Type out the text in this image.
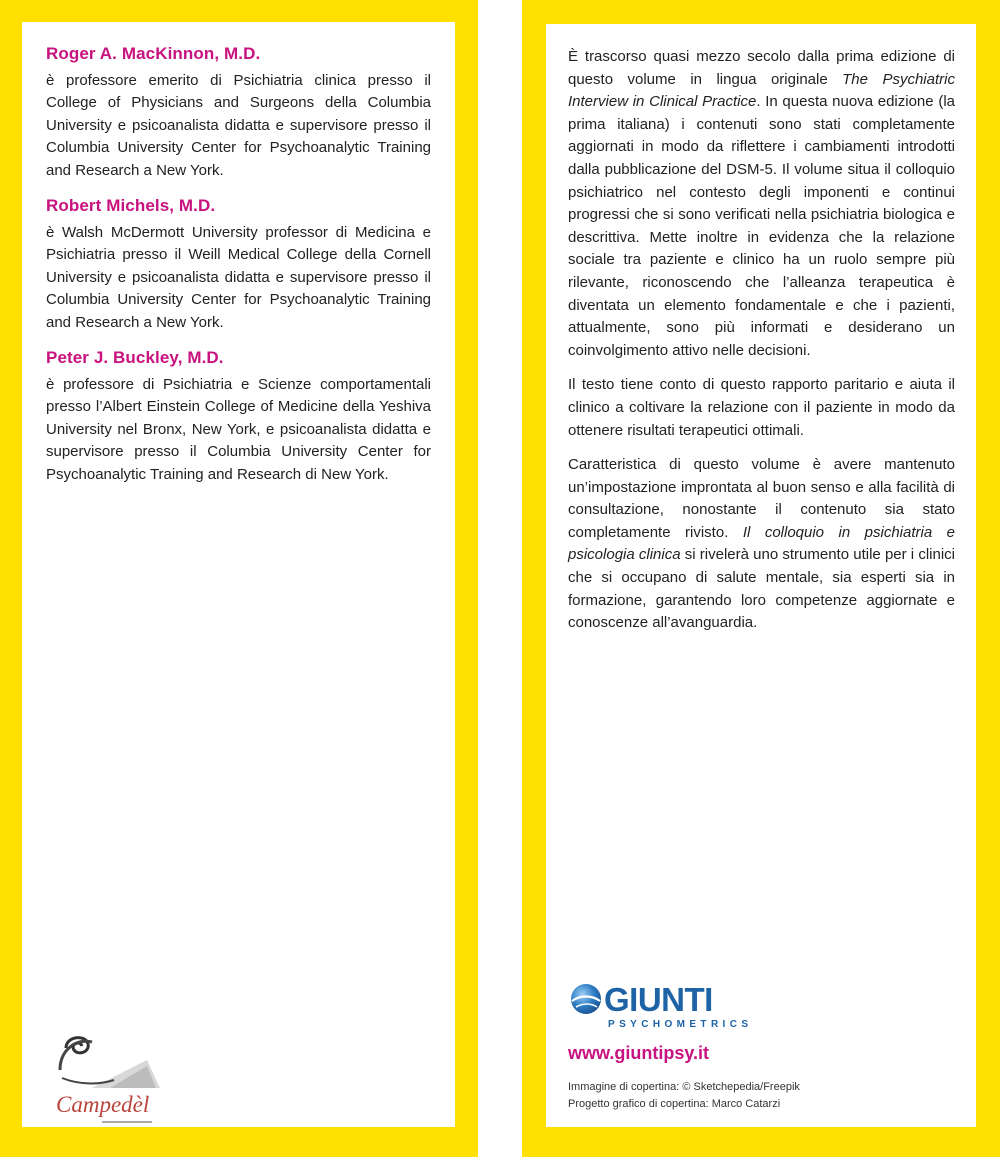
Roger A. MacKinnon, M.D.
è professore emerito di Psichiatria clinica presso il College of Physicians and Surgeons della Columbia University e psicoanalista didatta e supervisore presso il Columbia University Center for Psychoanalytic Training and Research a New York.
Robert Michels, M.D.
è Walsh McDermott University professor di Medicina e Psichiatria presso il Weill Medical College della Cornell University e psicoanalista didatta e supervisore presso il Columbia University Center for Psychoanalytic Training and Research a New York.
Peter J. Buckley, M.D.
è professore di Psichiatria e Scienze comportamentali presso l’Albert Einstein College of Medicine della Yeshiva University nel Bronx, New York, e psicoanalista didatta e supervisore presso il Columbia University Center for Psychoanalytic Training and Research di New York.
Campedèl

È trascorso quasi mezzo secolo dalla prima edizione di questo volume in lingua originale The Psychiatric Interview in Clinical Practice. In questa nuova edizione (la prima italiana) i contenuti sono stati completamente aggiornati in modo da riflettere i cambiamenti introdotti dalla pubblicazione del DSM-5. Il volume situa il colloquio psichiatrico nel contesto degli imponenti e continui progressi che si sono verificati nella psichiatria biologica e descrittiva. Mette inoltre in evidenza che la relazione sociale tra paziente e clinico ha un ruolo sempre più rilevante, riconoscendo che l’alleanza terapeutica è diventata un elemento fondamentale e che i pazienti, attualmente, sono più informati e desiderano un coinvolgimento attivo nelle decisioni.

Il testo tiene conto di questo rapporto paritario e aiuta il clinico a coltivare la relazione con il paziente in modo da ottenere risultati terapeutici ottimali.

Caratteristica di questo volume è avere mantenuto un’impostazione improntata al buon senso e alla facilità di consultazione, nonostante il contenuto sia stato completamente rivisto. Il colloquio in psichiatria e psicologia clinica si rivelerà uno strumento utile per i clinici che si occupano di salute mentale, sia esperti sia in formazione, garantendo loro competenze aggiornate e conoscenze all’avanguardia.

GIUNTI
PSYCHOMETRICS
www.giuntipsy.it
Immagine di copertina: © Sketchepedia/Freepik
Progetto grafico di copertina: Marco Catarzi
